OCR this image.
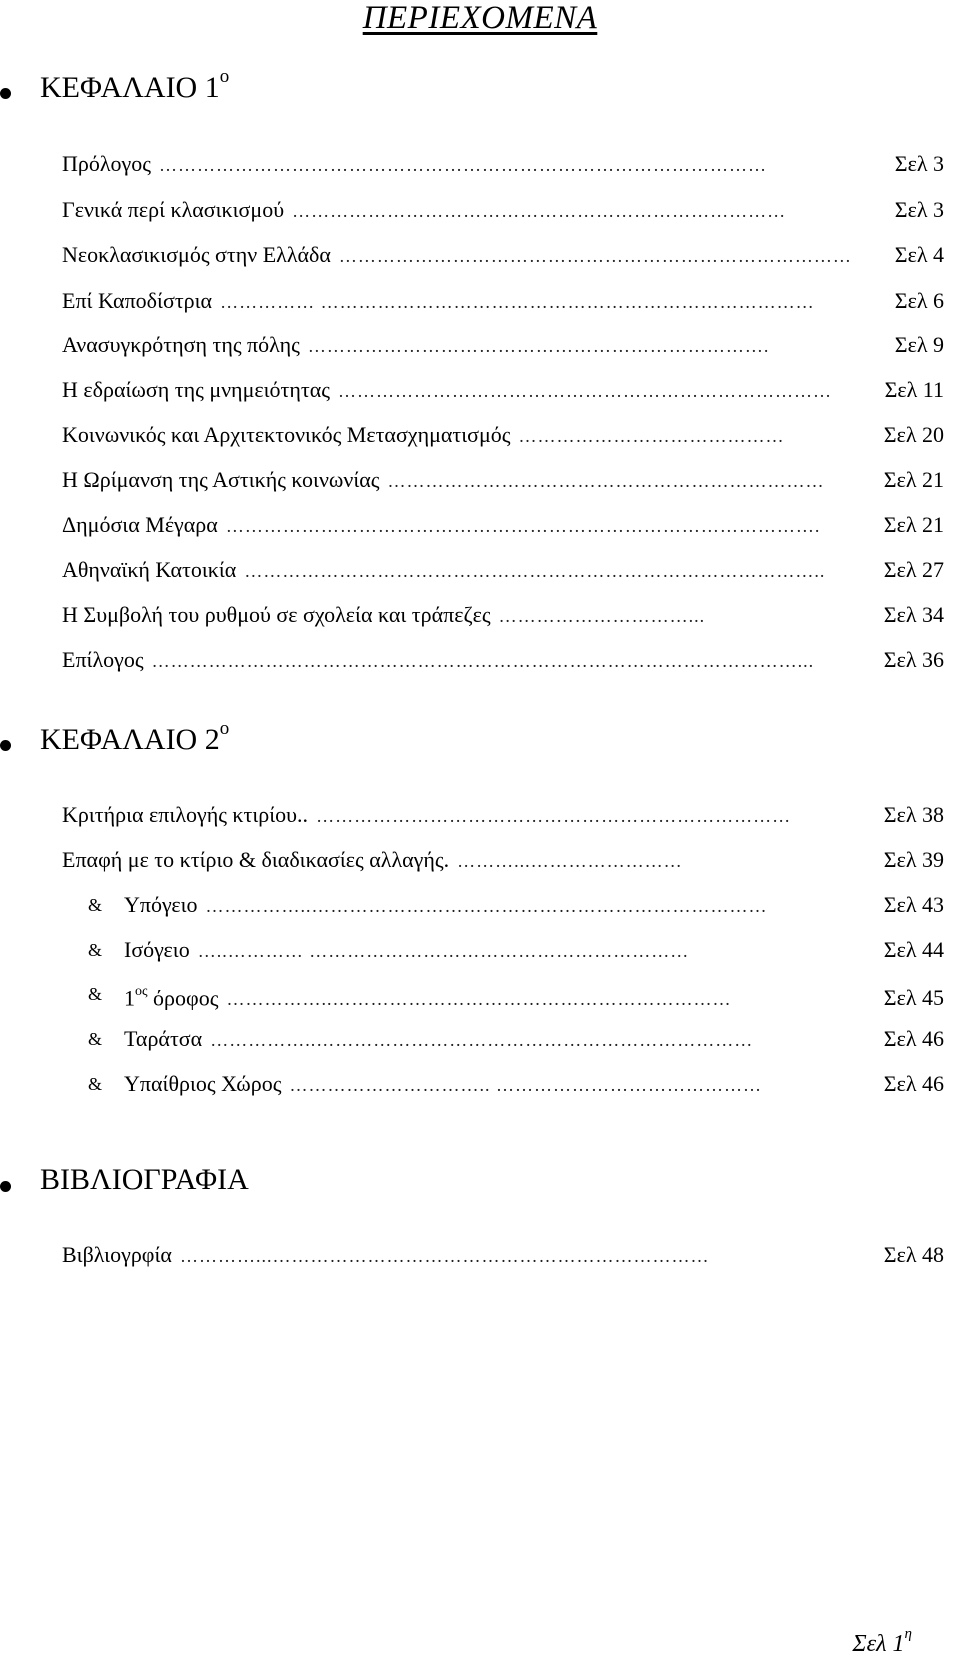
ΠΕΡΙΕΧΟΜΕΝΑ
ΚΕΦΑΛΑΙΟ $1^o$
Πρόλογος ……………………………………………………………………………………	Σελ 3
Γενικά περί κλασικισμού ……………………………………………………………………	Σελ 3
Νεοκλασικισμός στην Ελλάδα ………………………………………………………………………	Σελ 4
Επί Καποδίστρια …………… ……………………………………………………………………	Σελ 6
Ανασυγκρότηση της πόλης ……………………………………………………………….	Σελ 9
Η εδραίωση της μνημειότητας ……………………………………………………………………	Σελ 11
Κοινωνικός και Αρχιτεκτονικός Μετασχηματισμός ……………………………………	Σελ 20
Η Ωρίμανση της Αστικής κοινωνίας ……………………………………………………………	Σελ 21
Δημόσια Μέγαρα ………………………………………………………………………………….	Σελ 21
Αθηναϊκή Κατοικία ………………………………………………………………………………..	Σελ 27
Η Συμβολή του ρυθμού σε σχολεία και τράπεζες …………………………...	Σελ 34
Επίλογος …………………………………………………………………………………………...	Σελ 36
ΚΕΦΑΛΑΙΟ $2^o$
Κριτήρια επιλογής κτιρίου.. …………………………………………………………………	Σελ 38
Επαφή με το κτίριο & διαδικασίες αλλαγής. ………...……………………	Σελ 39
& Υπόγειο ……………..………………………………………………………………	Σελ 43
& Ισόγειο …..………… ……………………………………………………	Σελ 44
& $1^{o\varsigma}$ όροφος ……………..………………………………………………………	Σελ 45
& Ταράτσα ……………..……………………………………………………………	Σελ 46
& Υπαίθριος Χώρος ………………………….. ……………………………………	Σελ 46
ΒΙΒΛΙΟΓΡΑΦΙΑ
Βιβλιογρφία …………...……………………………………………………………	Σελ 48
Σελ $1^\eta$
